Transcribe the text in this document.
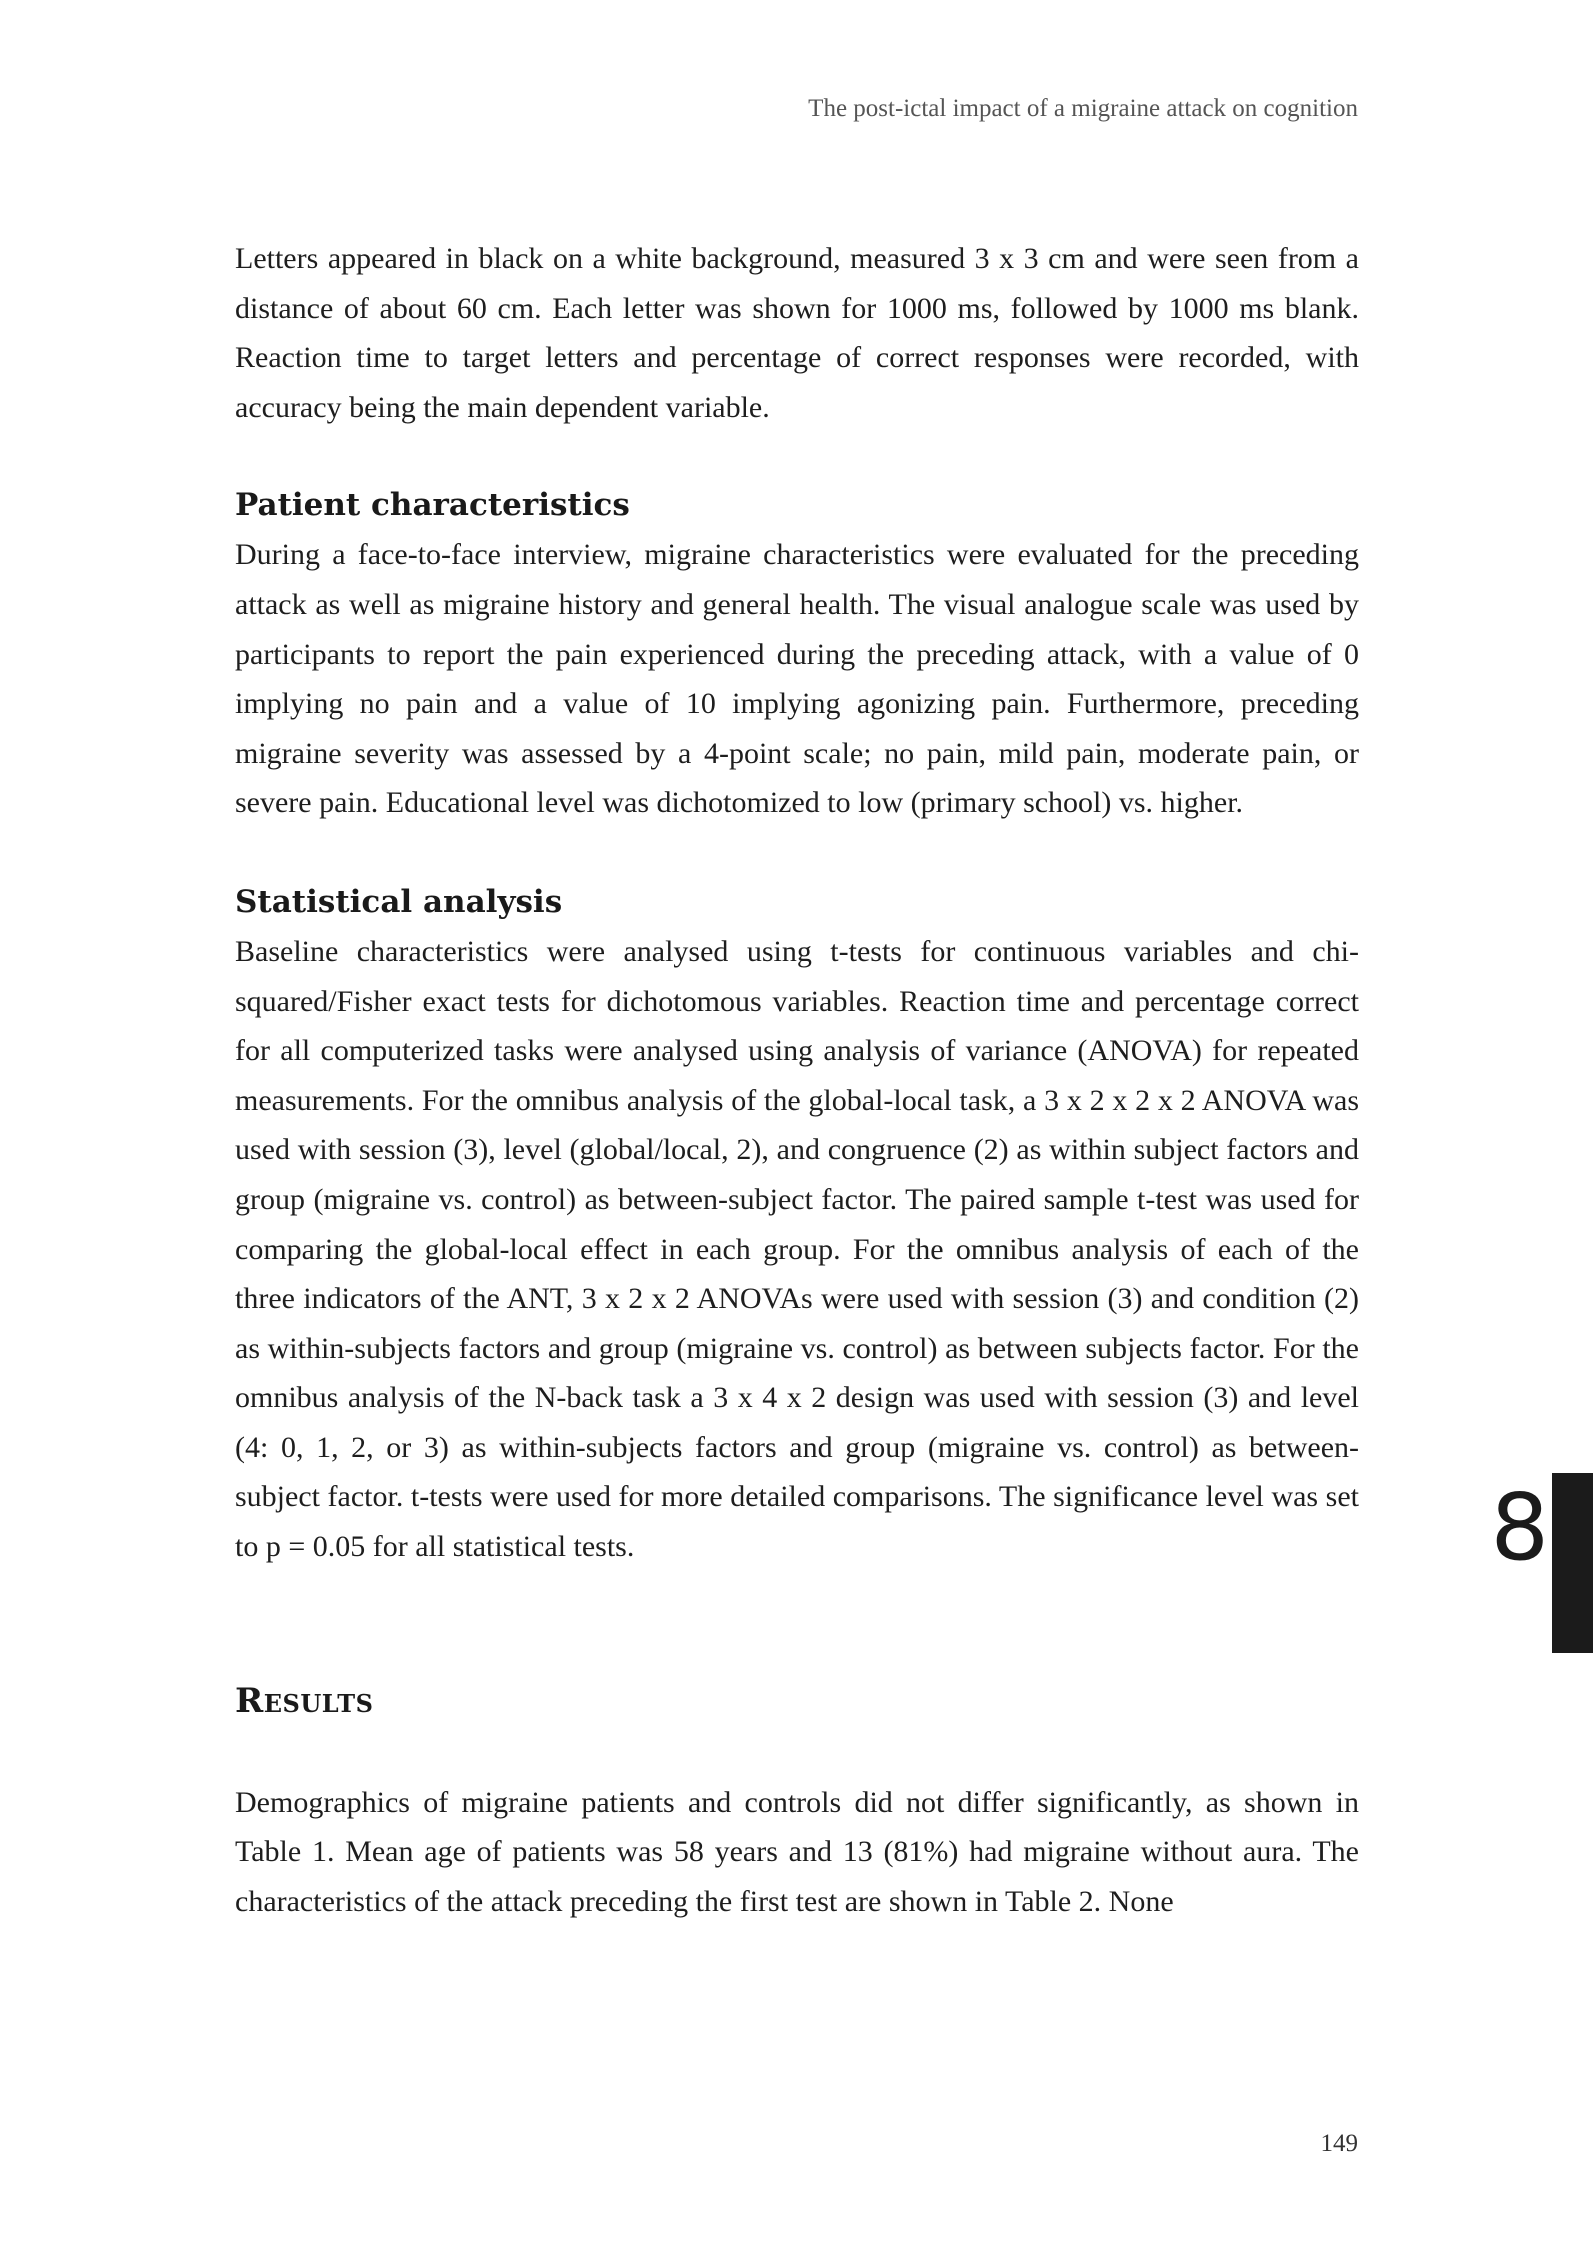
The post-ictal impact of a migraine attack on cognition

Letters appeared in black on a white background, measured 3 x 3 cm and were seen from a distance of about 60 cm. Each letter was shown for 1000 ms, followed by 1000 ms blank. Reaction time to target letters and percentage of correct responses were recorded, with accuracy being the main dependent variable.

Patient characteristics

During a face-to-face interview, migraine characteristics were evaluated for the preceding attack as well as migraine history and general health. The visual analogue scale was used by participants to report the pain experienced during the preceding attack, with a value of 0 implying no pain and a value of 10 implying agonizing pain. Furthermore, preceding migraine severity was assessed by a 4-point scale; no pain, mild pain, moderate pain, or severe pain. Educational level was dichotomized to low (primary school) vs. higher.

Statistical analysis

Baseline characteristics were analysed using t-tests for continuous variables and chi-squared/Fisher exact tests for dichotomous variables. Reaction time and percentage correct for all computerized tasks were analysed using analysis of variance (ANOVA) for repeated measurements. For the omnibus analysis of the global-local task, a 3 x 2 x 2 x 2 ANOVA was used with session (3), level (global/local, 2), and congruence (2) as within subject factors and group (migraine vs. control) as between-subject factor. The paired sample t-test was used for comparing the global-local effect in each group. For the omnibus analysis of each of the three indicators of the ANT, 3 x 2 x 2 ANOVAs were used with session (3) and condition (2) as within-subjects factors and group (migraine vs. control) as between subjects factor. For the omnibus analysis of the N-back task a 3 x 4 x 2 design was used with session (3) and level (4: 0, 1, 2, or 3) as within-subjects factors and group (migraine vs. control) as between-subject factor. t-tests were used for more detailed comparisons. The significance level was set to p = 0.05 for all statistical tests.

Results

Demographics of migraine patients and controls did not differ significantly, as shown in Table 1. Mean age of patients was 58 years and 13 (81%) had migraine without aura. The characteristics of the attack preceding the first test are shown in Table 2. None

8
149
